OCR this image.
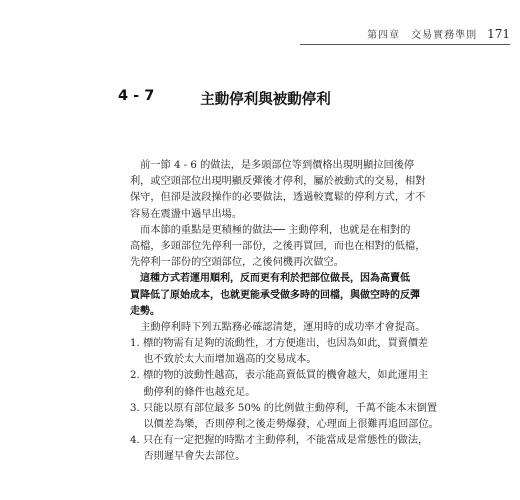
第四章　交易實務準則 171
4 - 7	主動停利與被動停利
　前一節 4 - 6 的做法，是多頭部位等到價格出現明顯拉回後停
利，或空頭部位出現明顯反彈後才停利，屬於被動式的交易，相對
保守，但卻是波段操作的必要做法，透過較寬鬆的停利方式，才不
容易在震盪中過早出場。
　而本節的重點是更積極的做法── 主動停利，也就是在相對的
高檔，多頭部位先停利一部份，之後再買回，而也在相對的低檔，
先停利一部份的空頭部位，之後伺機再次做空。
　這種方式若運用順利，反而更有利於把部位做長，因為高賣低
買降低了原始成本，也就更能承受做多時的回檔，與做空時的反彈
走勢。
　主動停利時下列五點務必確認清楚，運用時的成功率才會提高。
1. 標的物需有足夠的流動性，才方便進出，也因為如此，買賣價差
　 也不致於太大而增加過高的交易成本。
2. 標的物的波動性越高，表示能高賣低買的機會越大，如此運用主
　 動停利的條件也越充足。
3. 只能以原有部位最多 50% 的比例做主動停利，千萬不能本末倒置
　 以價差為樂，否則停利之後走勢爆發，心理面上很難再追回部位。
4. 只在有一定把握的時點才主動停利，不能當成是常態性的做法，
　 否則遲早會失去部位。
